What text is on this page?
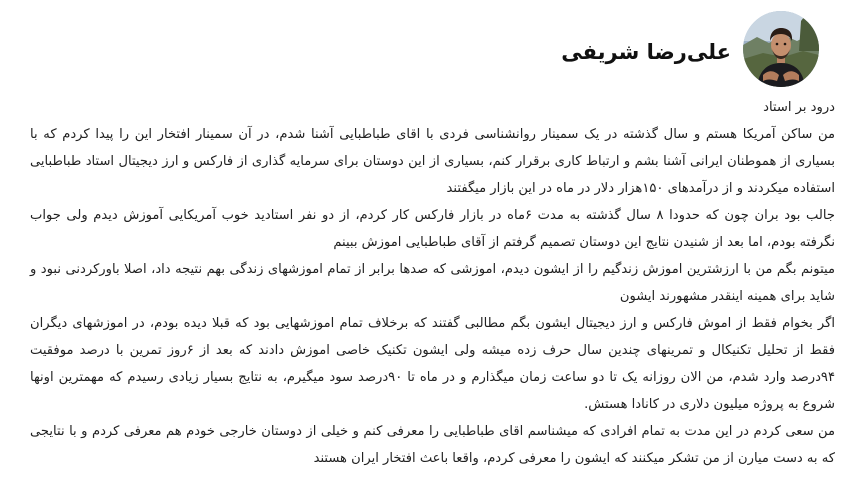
علی‌رضا شریفی

درود بر استاد

من ساکن آمریکا هستم و سال گذشته در یک سمینار روانشناسی فردی با اقای طباطبایی آشنا شدم، در آن سمینار افتخار این را پیدا کردم که با بسیاری از هموطنان ایرانی آشنا بشم و ارتباط کاری برقرار کنم، بسیاری از این دوستان برای سرمایه گذاری از فارکس و ارز دیجیتال استاد طباطبایی استفاده میکردند و از درآمدهای ۱۵۰هزار دلار در ماه در این بازار میگفتند

جالب بود بران چون که حدودا ۸ سال گذشته به مدت ۶ماه در بازار فارکس کار کردم، از دو نفر استادید خوب آمریکایی آموزش دیدم ولی جواب نگرفته بودم، اما بعد از شنیدن نتایج این دوستان تصمیم گرفتم از آقای طباطبایی اموزش ببینم

میتونم بگم من با ارزشترین اموزش زندگیم را از ایشون دیدم، اموزشی که صدها برابر از تمام اموزشهای زندگی بهم نتیجه داد، اصلا باورکردنی نبود و شاید برای همینه اینقدر مشهورند ایشون

اگر بخوام فقط از اموش فارکس و ارز دیجیتال ایشون بگم مطالبی گفتند که برخلاف تمام اموزشهایی بود که قبلا دیده بودم، در اموزشهای دیگران فقط از تحلیل تکنیکال و تمرینهای چندین سال حرف زده میشه ولی ایشون تکنیک خاصی اموزش دادند که بعد از ۶روز تمرین با درصد موفقیت ۹۴درصد وارد شدم، من الان روزانه یک تا دو ساعت زمان میگذارم و در ماه تا ۹۰درصد سود میگیرم، به نتایج بسیار زیادی رسیدم که مهمترین اونها شروع به پروژه میلیون دلاری در کانادا هستش.

من سعی کردم در این مدت به تمام افرادی که میشناسم اقای طباطبایی را معرفی کنم و خیلی از دوستان خارجی خودم هم معرفی کردم و با نتایجی که به دست میارن از من تشکر میکنند که ایشون را معرفی کردم، واقعا باعث افتخار ایران هستند
